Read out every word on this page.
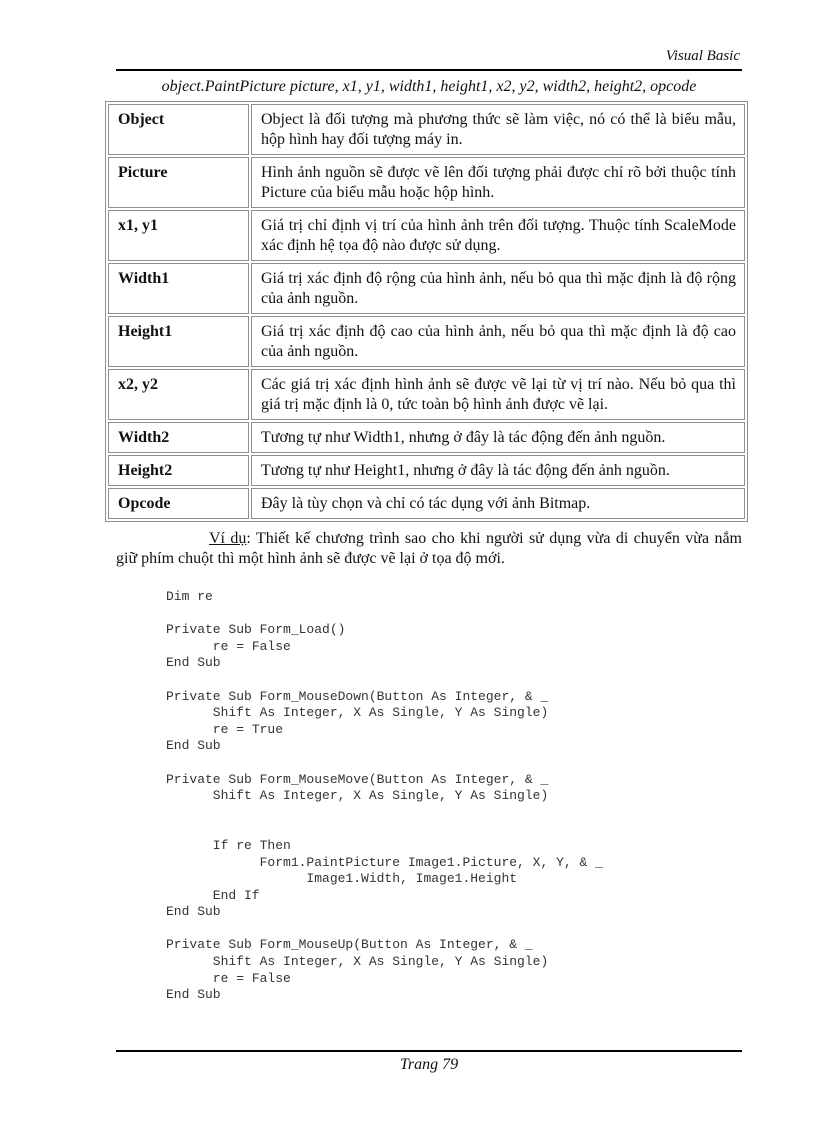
Visual Basic
object.PaintPicture picture, x1, y1, width1, height1, x2, y2, width2, height2, opcode
Object	Object là đối tượng mà phương thức sẽ làm việc, nó có thể là biểu mẫu, hộp hình hay đối tượng máy in.
Picture	Hình ảnh nguồn sẽ được vẽ lên đối tượng phải được chỉ rõ bởi thuộc tính Picture của biểu mẫu hoặc hộp hình.
x1, y1	Giá trị chỉ định vị trí của hình ảnh trên đối tượng. Thuộc tính ScaleMode xác định hệ tọa độ nào được sử dụng.
Width1	Giá trị xác định độ rộng của hình ảnh, nếu bỏ qua thì mặc định là độ rộng của ảnh nguồn.
Height1	Giá trị xác định độ cao của hình ảnh, nếu bỏ qua thì mặc định là độ cao của ảnh nguồn.
x2, y2	Các giá trị xác định hình ảnh sẽ được vẽ lại từ vị trí nào. Nếu bỏ qua thì giá trị mặc định là 0, tức toàn bộ hình ảnh được vẽ lại.
Width2	Tương tự như Width1, nhưng ở đây là tác động đến ảnh nguồn.
Height2	Tương tự như Height1, nhưng ở đây là tác động đến ảnh nguồn.
Opcode	Đây là tùy chọn và chỉ có tác dụng với ảnh Bitmap.
Ví dụ: Thiết kế chương trình sao cho khi người sử dụng vừa di chuyển vừa nắm giữ phím chuột thì một hình ảnh sẽ được vẽ lại ở tọa độ mới.
Dim re

Private Sub Form_Load()
re = False
End Sub

Private Sub Form_MouseDown(Button As Integer, & _
Shift As Integer, X As Single, Y As Single)
re = True
End Sub

Private Sub Form_MouseMove(Button As Integer, & _
Shift As Integer, X As Single, Y As Single)

If re Then
Form1.PaintPicture Image1.Picture, X, Y, & _
Image1.Width, Image1.Height
End If
End Sub

Private Sub Form_MouseUp(Button As Integer, & _
Shift As Integer, X As Single, Y As Single)
re = False
End Sub
Trang 79
